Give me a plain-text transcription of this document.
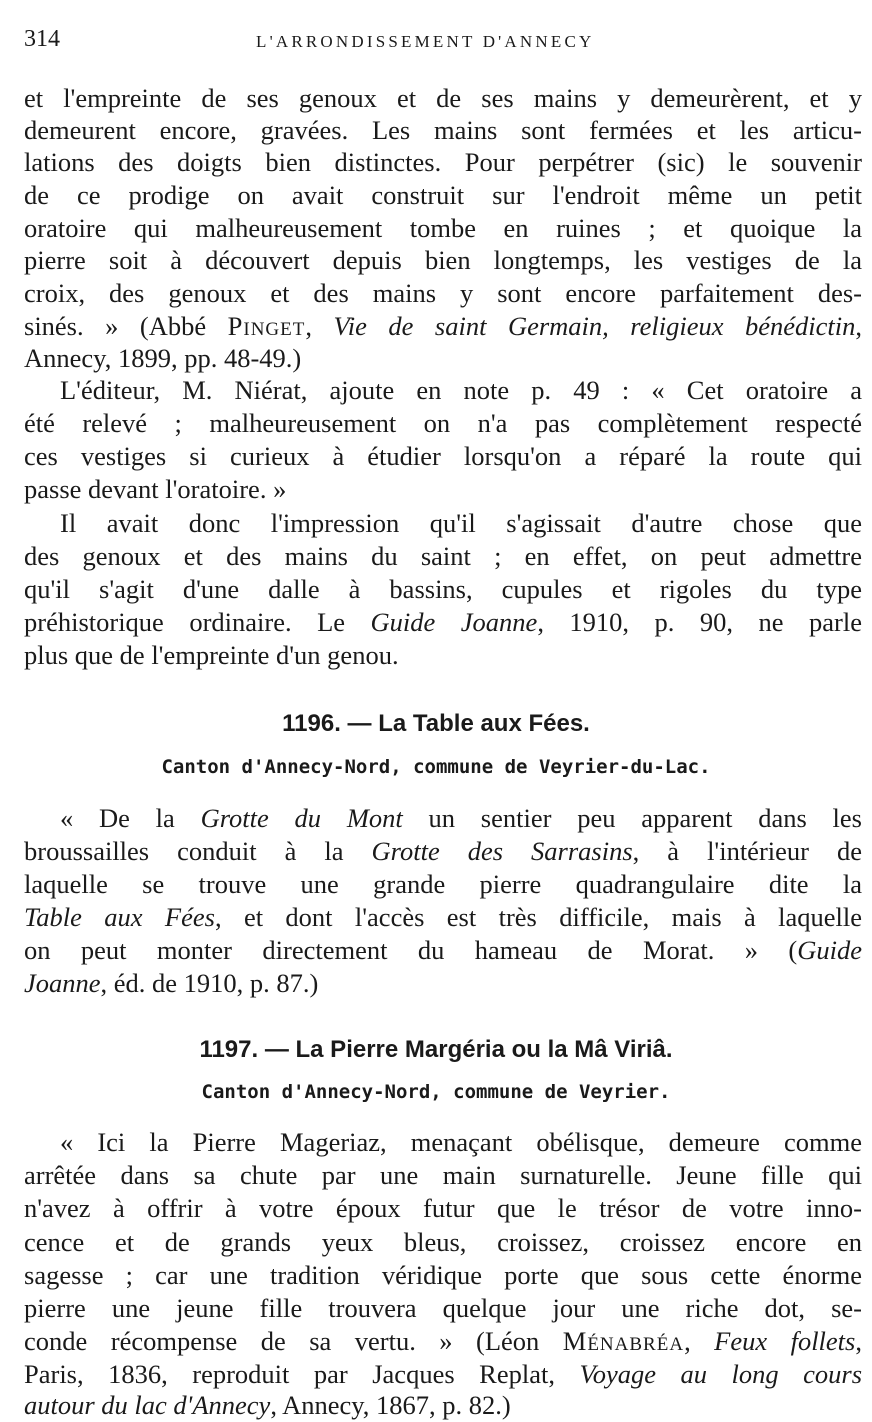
314	L'ARRONDISSEMENT D'ANNECY
et l'empreinte de ses genoux et de ses mains y demeurèrent, et y
demeurent encore, gravées. Les mains sont fermées et les articu-
lations des doigts bien distinctes. Pour perpétrer (sic) le souvenir
de ce prodige on avait construit sur l'endroit même un petit
oratoire qui malheureusement tombe en ruines ; et quoique la
pierre soit à découvert depuis bien longtemps, les vestiges de la
croix, des genoux et des mains y sont encore parfaitement des-
sinés. » (Abbé Pinget, Vie de saint Germain, religieux bénédictin,
Annecy, 1899, pp. 48-49.)
L'éditeur, M. Niérat, ajoute en note p. 49 : « Cet oratoire a
été relevé ; malheureusement on n'a pas complètement respecté
ces vestiges si curieux à étudier lorsqu'on a réparé la route qui
passe devant l'oratoire. »
Il avait donc l'impression qu'il s'agissait d'autre chose que
des genoux et des mains du saint ; en effet, on peut admettre
qu'il s'agit d'une dalle à bassins, cupules et rigoles du type
préhistorique ordinaire. Le Guide Joanne, 1910, p. 90, ne parle
plus que de l'empreinte d'un genou.
1196. — La Table aux Fées.
Canton d'Annecy-Nord, commune de Veyrier-du-Lac.
« De la Grotte du Mont un sentier peu apparent dans les
broussailles conduit à la Grotte des Sarrasins, à l'intérieur de
laquelle se trouve une grande pierre quadrangulaire dite la
Table aux Fées, et dont l'accès est très difficile, mais à laquelle
on peut monter directement du hameau de Morat. » (Guide
Joanne, éd. de 1910, p. 87.)
1197. — La Pierre Margéria ou la Mâ Viriâ.
Canton d'Annecy-Nord, commune de Veyrier.
« Ici la Pierre Mageriaz, menaçant obélisque, demeure comme
arrêtée dans sa chute par une main surnaturelle. Jeune fille qui
n'avez à offrir à votre époux futur que le trésor de votre inno-
cence et de grands yeux bleus, croissez, croissez encore en
sagesse ; car une tradition véridique porte que sous cette énorme
pierre une jeune fille trouvera quelque jour une riche dot, se-
conde récompense de sa vertu. » (Léon Ménabréa, Feux follets,
Paris, 1836, reproduit par Jacques Replat, Voyage au long cours
autour du lac d'Annecy, Annecy, 1867, p. 82.)
